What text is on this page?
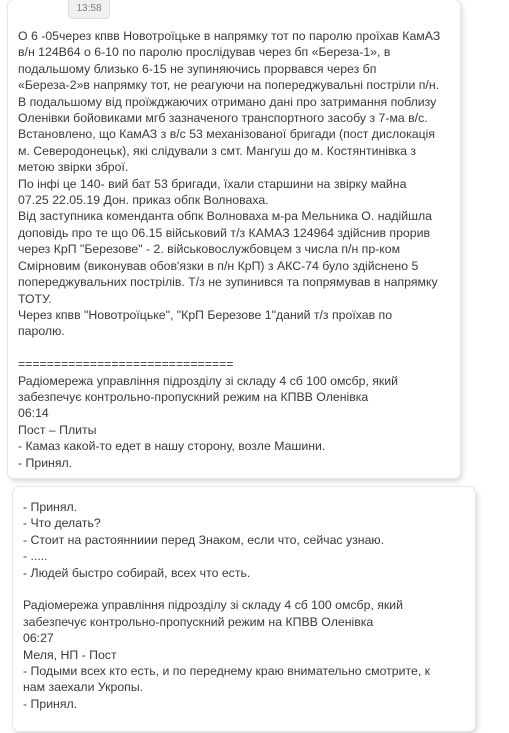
13:58
О 6 -05через кпвв Новотроїцьке в напрямку тот по паролю проїхав КамАЗ
в/н 124В64 о 6-10 по паролю прослідував через бп «Береза-1», в
подальшому близько 6-15 не зупиняючись прорвався через бп
«Береза-2»в напрямку тот, не реагуючи на попереджувальні постріли п/н.
В подальшому від проїжджаючих отримано дані про затримання поблизу
Оленівки бойовиками мгб зазначеного транспортного засобу з 7-ма в/с.
Встановлено, що КамАЗ з в/с 53 механізованої бригади (пост дислокація
м. Северодонецьк), які слідували з смт. Мангуш до м. Костянтинівка з
метою звірки зброї.
По інфі це 140- вий бат 53 бригади, їхали старшини на звірку майна
07.25 22.05.19 Дон. приказ обпк Волноваха.
Від заступника коменданта обпк Волноваха м-ра Мельника О. надійшла
доповідь про те що 06.15 військовий т/з КАМАЗ 124964 здійснив прорив
через КрП "Березове" - 2. військовослужбовцем з числа п/н пр-ком
Смірновим (виконував обов'язки в п/н КрП) з АКС-74 було здійснено 5
попереджувальних пострілів. Т/з не зупинився та попрямував в напрямку
ТОТУ.
Через кпвв "Новотроїцьке", "КрП Березове 1"даний т/з проїхав по
паролю.

==============================
Радіомережа управління підрозділу зі складу 4 сб 100 омсбр, який
забезпечує контрольно-пропускний режим на КПВВ Оленівка
06:14
Пост – Плиты
- Камаз какой-то едет в нашу сторону, возле Машини.
- Принял.
- Принял.
- Что делать?
- Стоит на растоянниии перед Знаком, если что, сейчас узнаю.
- .....
- Людей быстро собирай, всех что есть.

Радіомережа управління підрозділу зі складу 4 сб 100 омсбр, який
забезпечує контрольно-пропускний режим на КПВВ Оленівка
06:27
Меля, НП - Пост
- Подыми всех кто есть, и по переднему краю внимательно смотрите, к
нам заехали Укропы.
- Принял.
